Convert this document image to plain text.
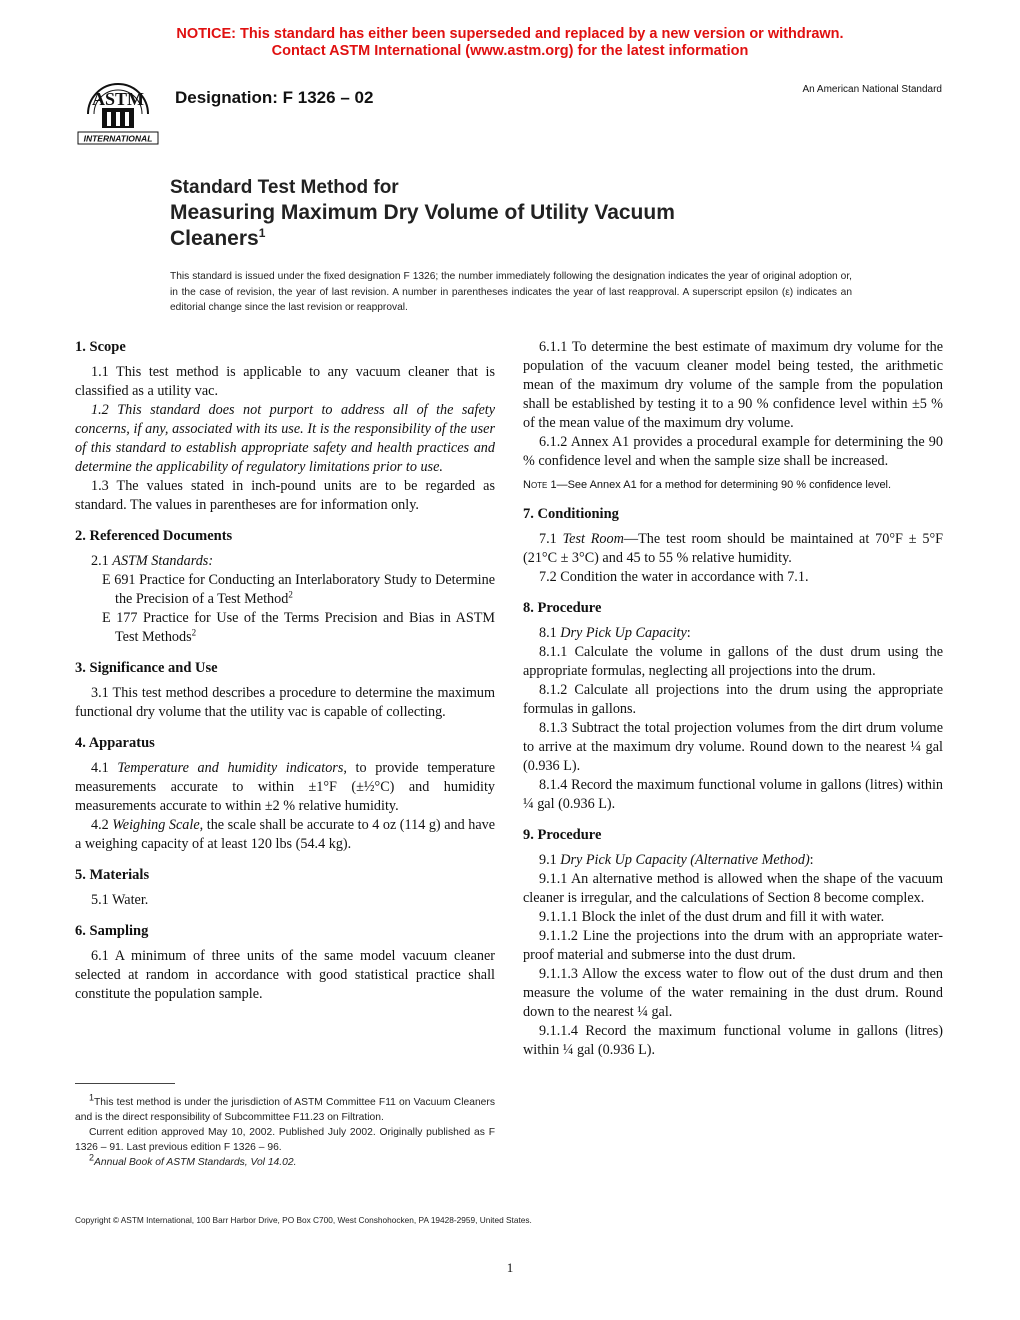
NOTICE: This standard has either been superseded and replaced by a new version or withdrawn.
Contact ASTM International (www.astm.org) for the latest information
ASTM
INTERNATIONAL
Designation: F 1326 – 02	An American National Standard
Standard Test Method for
Measuring Maximum Dry Volume of Utility Vacuum
Cleaners$^1$
This standard is issued under the fixed designation F 1326; the number immediately following the designation indicates the year of original adoption or, in the case of revision, the year of last revision. A number in parentheses indicates the year of last reapproval. A superscript epsilon (ε) indicates an editorial change since the last revision or reapproval.
1. Scope

1.1 This test method is applicable to any vacuum cleaner that is classified as a utility vac.

1.2 This standard does not purport to address all of the safety concerns, if any, associated with its use. It is the responsibility of the user of this standard to establish appropriate safety and health practices and determine the applicability of regulatory limitations prior to use.

1.3 The values stated in inch-pound units are to be regarded as standard. The values in parentheses are for information only.

2. Referenced Documents

2.1 ASTM Standards:

E 691 Practice for Conducting an Interlaboratory Study to Determine the Precision of a Test Method$^2$

E 177 Practice for Use of the Terms Precision and Bias in ASTM Test Methods$^2$

3. Significance and Use

3.1 This test method describes a procedure to determine the maximum functional dry volume that the utility vac is capable of collecting.

4. Apparatus

4.1 Temperature and humidity indicators, to provide temperature measurements accurate to within ±1°F (±½°C) and humidity measurements accurate to within ±2 % relative humidity.

4.2 Weighing Scale, the scale shall be accurate to 4 oz (114 g) and have a weighing capacity of at least 120 lbs (54.4 kg).

5. Materials

5.1 Water.

6. Sampling

6.1 A minimum of three units of the same model vacuum cleaner selected at random in accordance with good statistical practice shall constitute the population sample.

6.1.1 To determine the best estimate of maximum dry volume for the population of the vacuum cleaner model being tested, the arithmetic mean of the maximum dry volume of the sample from the population shall be established by testing it to a 90 % confidence level within ±5 % of the mean value of the maximum dry volume.

6.1.2 Annex A1 provides a procedural example for determining the 90 % confidence level and when the sample size shall be increased.

Note 1—See Annex A1 for a method for determining 90 % confidence level.

7. Conditioning

7.1 Test Room—The test room should be maintained at 70°F ± 5°F (21°C ± 3°C) and 45 to 55 % relative humidity.

7.2 Condition the water in accordance with 7.1.

8. Procedure

8.1 Dry Pick Up Capacity:

8.1.1 Calculate the volume in gallons of the dust drum using the appropriate formulas, neglecting all projections into the drum.

8.1.2 Calculate all projections into the drum using the appropriate formulas in gallons.

8.1.3 Subtract the total projection volumes from the dirt drum volume to arrive at the maximum dry volume. Round down to the nearest ¼ gal (0.936 L).

8.1.4 Record the maximum functional volume in gallons (litres) within ¼ gal (0.936 L).

9. Procedure

9.1 Dry Pick Up Capacity (Alternative Method):

9.1.1 An alternative method is allowed when the shape of the vacuum cleaner is irregular, and the calculations of Section 8 become complex.

9.1.1.1 Block the inlet of the dust drum and fill it with water.

9.1.1.2 Line the projections into the drum with an appropriate water-proof material and submerse into the dust drum.

9.1.1.3 Allow the excess water to flow out of the dust drum and then measure the volume of the water remaining in the dust drum. Round down to the nearest ¼ gal.

9.1.1.4 Record the maximum functional volume in gallons (litres) within ¼ gal (0.936 L).

$^1$This test method is under the jurisdiction of ASTM Committee F11 on Vacuum Cleaners and is the direct responsibility of Subcommittee F11.23 on Filtration.

Current edition approved May 10, 2002. Published July 2002. Originally published as F 1326 – 91. Last previous edition F 1326 – 96.

$^2$Annual Book of ASTM Standards, Vol 14.02.

Copyright © ASTM International, 100 Barr Harbor Drive, PO Box C700, West Conshohocken, PA 19428-2959, United States.
1
